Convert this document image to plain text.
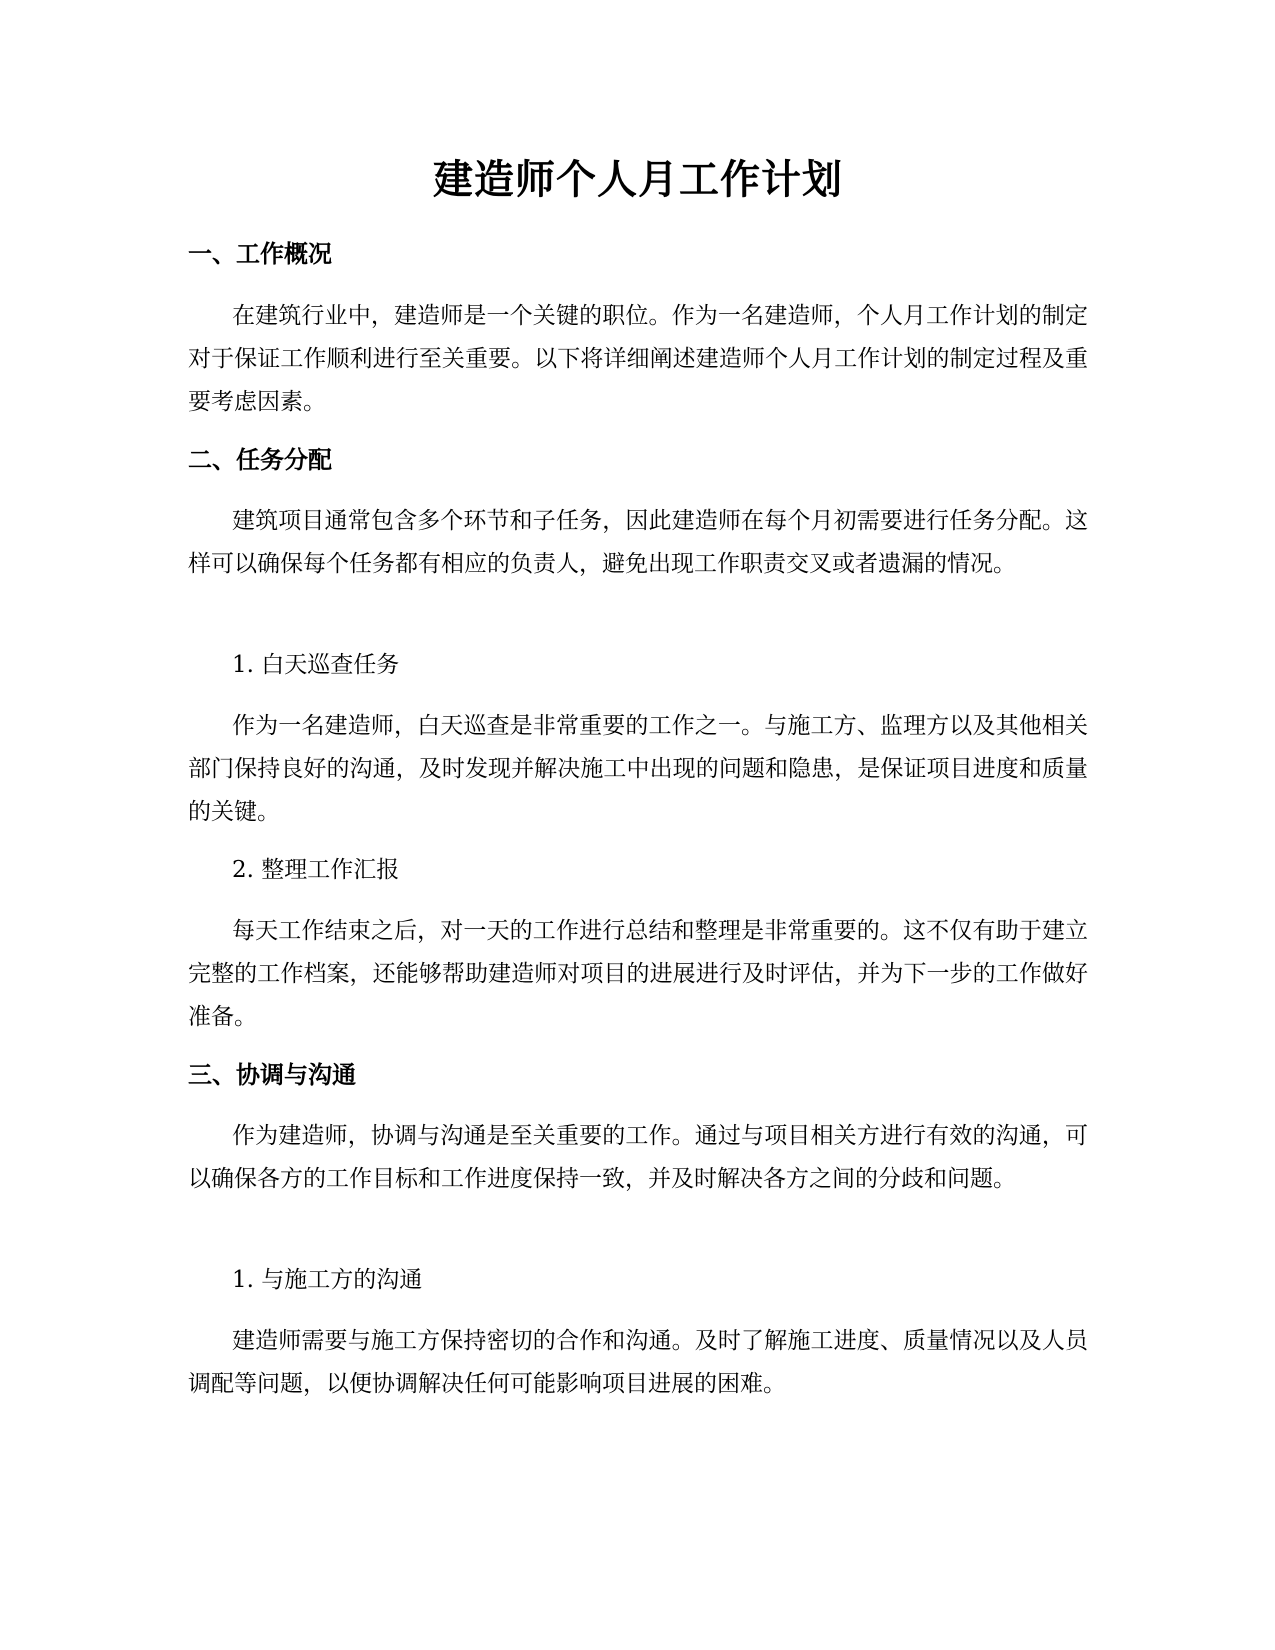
建造师个人月工作计划
一、工作概况

在建筑行业中，建造师是一个关键的职位。作为一名建造师，个人月工作计划的制定对于保证工作顺利进行至关重要。以下将详细阐述建造师个人月工作计划的制定过程及重要考虑因素。

二、任务分配

建筑项目通常包含多个环节和子任务，因此建造师在每个月初需要进行任务分配。这样可以确保每个任务都有相应的负责人，避免出现工作职责交叉或者遗漏的情况。

1. 白天巡查任务

作为一名建造师，白天巡查是非常重要的工作之一。与施工方、监理方以及其他相关部门保持良好的沟通，及时发现并解决施工中出现的问题和隐患，是保证项目进度和质量的关键。

2. 整理工作汇报

每天工作结束之后，对一天的工作进行总结和整理是非常重要的。这不仅有助于建立完整的工作档案，还能够帮助建造师对项目的进展进行及时评估，并为下一步的工作做好准备。

三、协调与沟通

作为建造师，协调与沟通是至关重要的工作。通过与项目相关方进行有效的沟通，可以确保各方的工作目标和工作进度保持一致，并及时解决各方之间的分歧和问题。

1. 与施工方的沟通

建造师需要与施工方保持密切的合作和沟通。及时了解施工进度、质量情况以及人员调配等问题，以便协调解决任何可能影响项目进展的困难。
